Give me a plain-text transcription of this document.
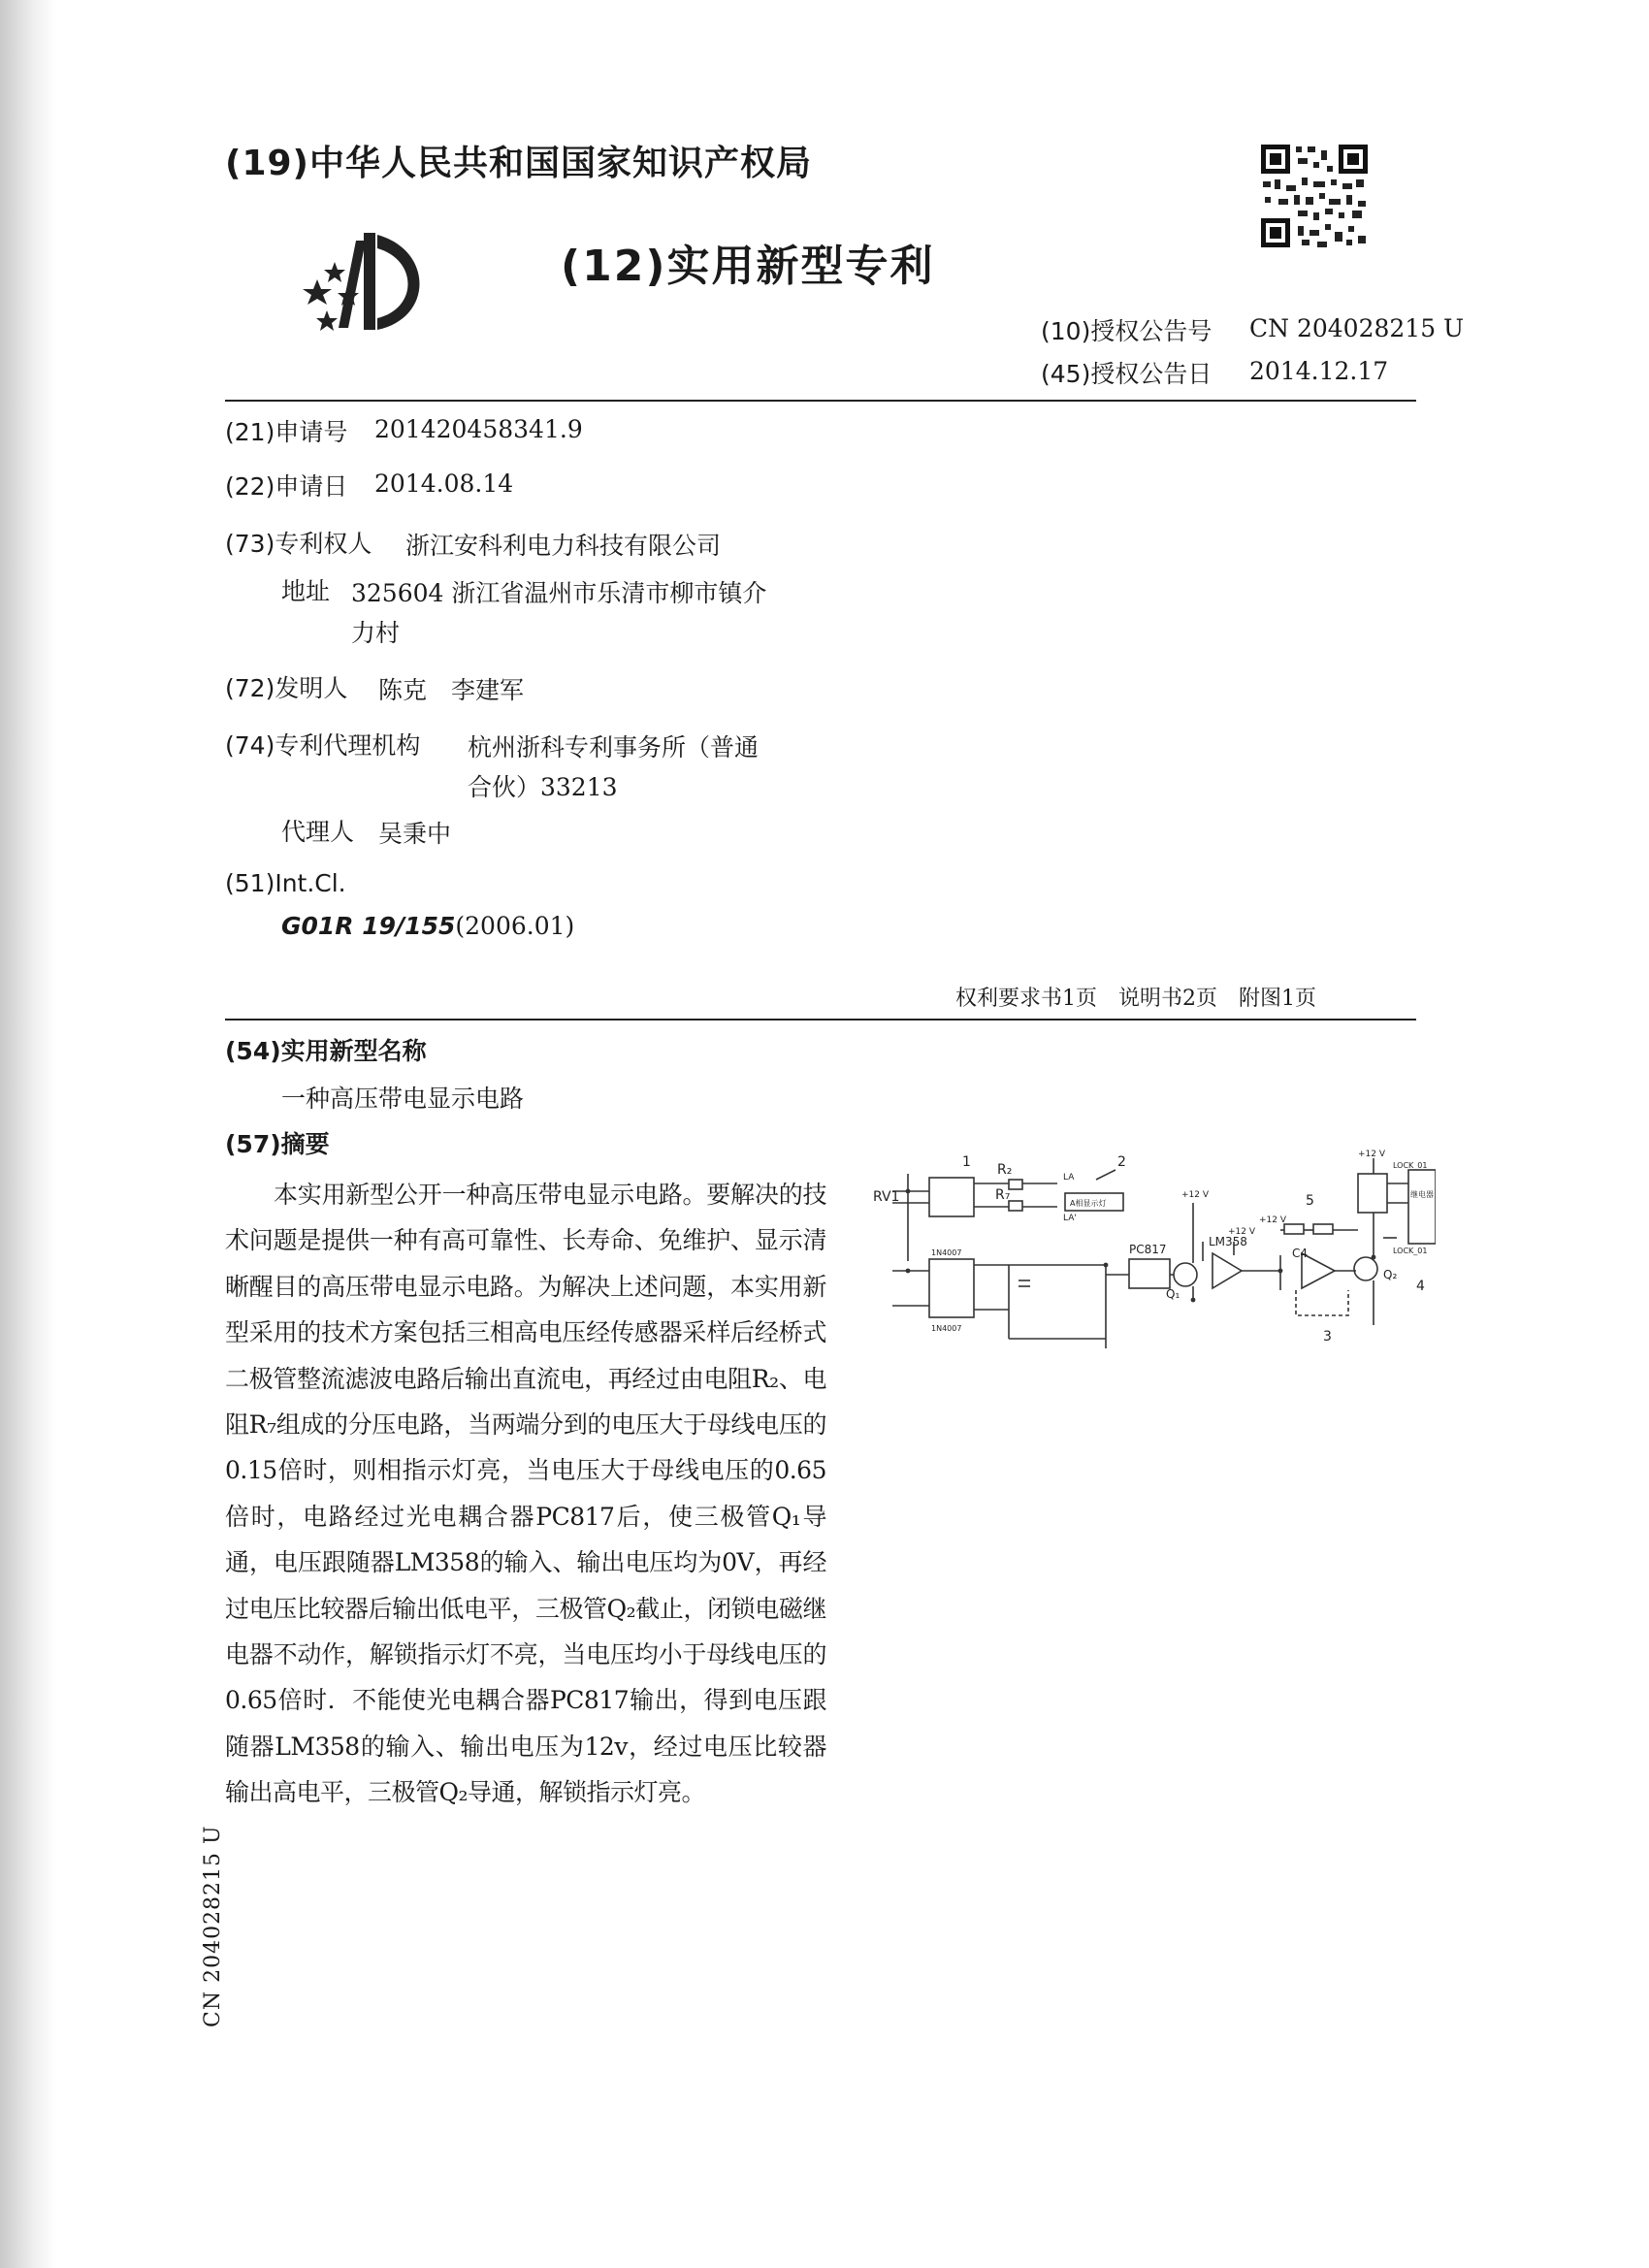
(19)中华人民共和国国家知识产权局
(12)实用新型专利
(10)授权公告号 CN 204028215 U
(45)授权公告日 2014.12.17
(21)申请号 201420458341.9
(22)申请日 2014.08.14
(73)专利权人 浙江安科利电力科技有限公司
地址 325604 浙江省温州市乐清市柳市镇介
力村
(72)发明人 陈克　李建军
(74)专利代理机构 杭州浙科专利事务所（普通
合伙）33213
代理人 吴秉中
(51)Int.Cl.
G01R 19/155(2006.01)
权利要求书1页　说明书2页　附图1页
(54)实用新型名称
一种高压带电显示电路
(57)摘要

本实用新型公开一种高压带电显示电路。要解决的技术问题是提供一种有高可靠性、长寿命、免维护、显示清晰醒目的高压带电显示电路。为解决上述问题，本实用新型采用的技术方案包括三相高电压经传感器采样后经桥式二极管整流滤波电路后输出直流电，再经过由电阻R₂、电阻R₇组成的分压电路，当两端分到的电压大于母线电压的0.15倍时，则相指示灯亮，当电压大于母线电压的0.65倍时，电路经过光电耦合器PC817后，使三极管Q₁导通，电压跟随器LM358的输入、输出电压均为0V，再经过电压比较器后输出低电平，三极管Q₂截止，闭锁电磁继电器不动作，解锁指示灯不亮，当电压均小于母线电压的0.65倍时．不能使光电耦合器PC817输出，得到电压跟随器LM358的输入、输出电压为12v，经过电压比较器输出高电平，三极管Q₂导通，解锁指示灯亮。

RV1
1	2
R₂
R₇
LA
LA'
A相显示灯
1N4007
1N4007
PC817
Q₁
LM358
+12 V
+12 V
+12 V
+12 V
5
C4
3
Q₂
4
LOCK_01
LOCK_01
继电器
CN 204028215 U
